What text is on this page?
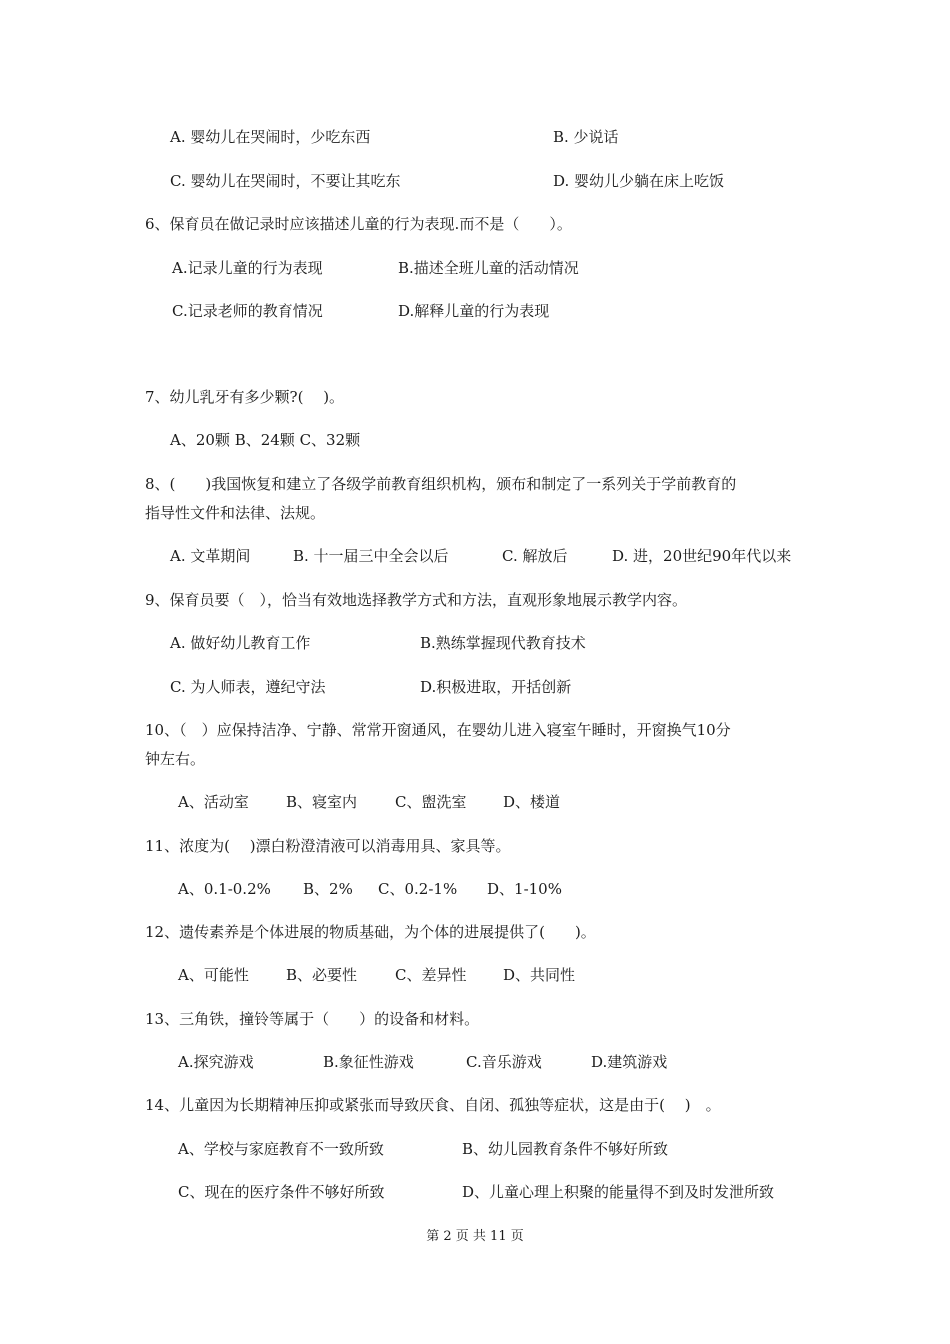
A. 婴幼儿在哭闹时，少吃东西	B. 少说话
C. 婴幼儿在哭闹时，不要让其吃东	D. 婴幼儿少躺在床上吃饭
6、保育员在做记录时应该描述儿童的行为表现.而不是（　　）。
A.记录儿童的行为表现	B.描述全班儿童的活动情况
C.记录老师的教育情况	D.解释儿童的行为表现
7、幼儿乳牙有多少颗?(　 )。
A、20颗 B、24颗 C、32颗
8、(　　)我国恢复和建立了各级学前教育组织机构，颁布和制定了一系列关于学前教育的
指导性文件和法律、法规。
A. 文革期间	B. 十一届三中全会以后	C. 解放后	D. 进，20世纪90年代以来
9、保育员要（　），恰当有效地选择教学方式和方法，直观形象地展示教学内容。
A. 做好幼儿教育工作	B.熟练掌握现代教育技术
C. 为人师表，遵纪守法	D.积极进取，开括创新
10、（　）应保持洁净、宁静、常常开窗通风，在婴幼儿进入寝室午睡时，开窗换气10分
钟左右。
A、活动室 B、寝室内	C、盥洗室 D、楼道
11、浓度为(　 )漂白粉澄清液可以消毒用具、家具等。
A、0.1-0.2% B、2% C、0.2-1% D、1-10%
12、遗传素养是个体进展的物质基础，为个体的进展提供了(　　)。
A、可能性 B、必要性	C、差异性 D、共同性
13、三角铁，撞铃等属于（　　）的设备和材料。
A.探究游戏	B.象征性游戏	C.音乐游戏	D.建筑游戏
14、儿童因为长期精神压抑或紧张而导致厌食、自闭、孤独等症状，这是由于(　 )　。
A、学校与家庭教育不一致所致	B、幼儿园教育条件不够好所致
C、现在的医疗条件不够好所致	D、儿童心理上积聚的能量得不到及时发泄所致
第 2 页 共 11 页
